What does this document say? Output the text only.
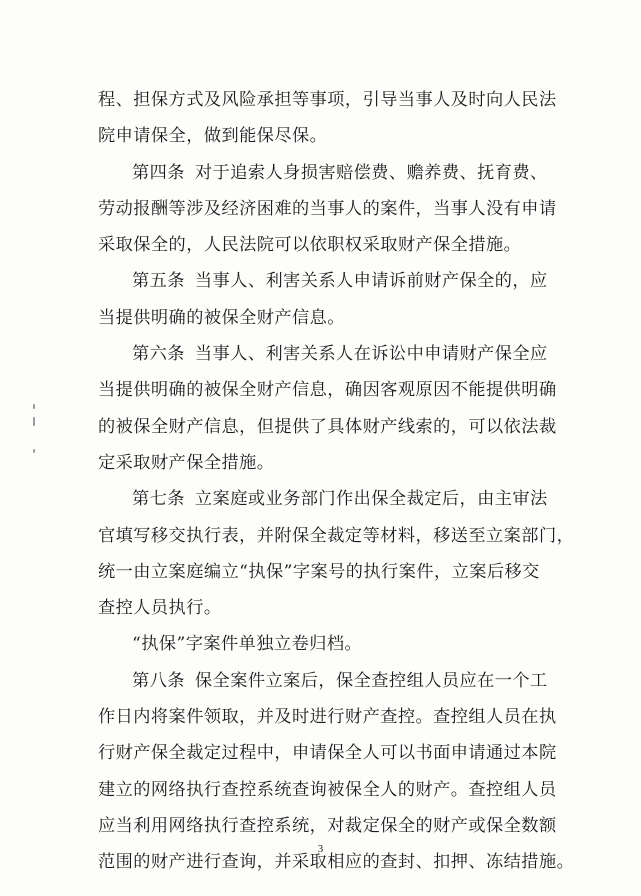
程、担保方式及风险承担等事项，引导当事人及时向人民法
院申请保全，做到能保尽保。
第四条 对于追索人身损害赔偿费、赡养费、抚育费、
劳动报酬等涉及经济困难的当事人的案件，当事人没有申请
采取保全的，人民法院可以依职权采取财产保全措施。
第五条 当事人、利害关系人申请诉前财产保全的，应
当提供明确的被保全财产信息。
第六条 当事人、利害关系人在诉讼中申请财产保全应
当提供明确的被保全财产信息，确因客观原因不能提供明确
的被保全财产信息，但提供了具体财产线索的，可以依法裁
定采取财产保全措施。
第七条 立案庭或业务部门作出保全裁定后，由主审法
官填写移交执行表，并附保全裁定等材料，移送至立案部门，
统一由立案庭编立“执保”字案号的执行案件，立案后移交
查控人员执行。
“执保”字案件单独立卷归档。
第八条 保全案件立案后，保全查控组人员应在一个工
作日内将案件领取，并及时进行财产查控。查控组人员在执
行财产保全裁定过程中，申请保全人可以书面申请通过本院
建立的网络执行查控系统查询被保全人的财产。查控组人员
应当利用网络执行查控系统，对裁定保全的财产或保全数额
范围的财产进行查询，并采取相应的查封、扣押、冻结措施。
3
